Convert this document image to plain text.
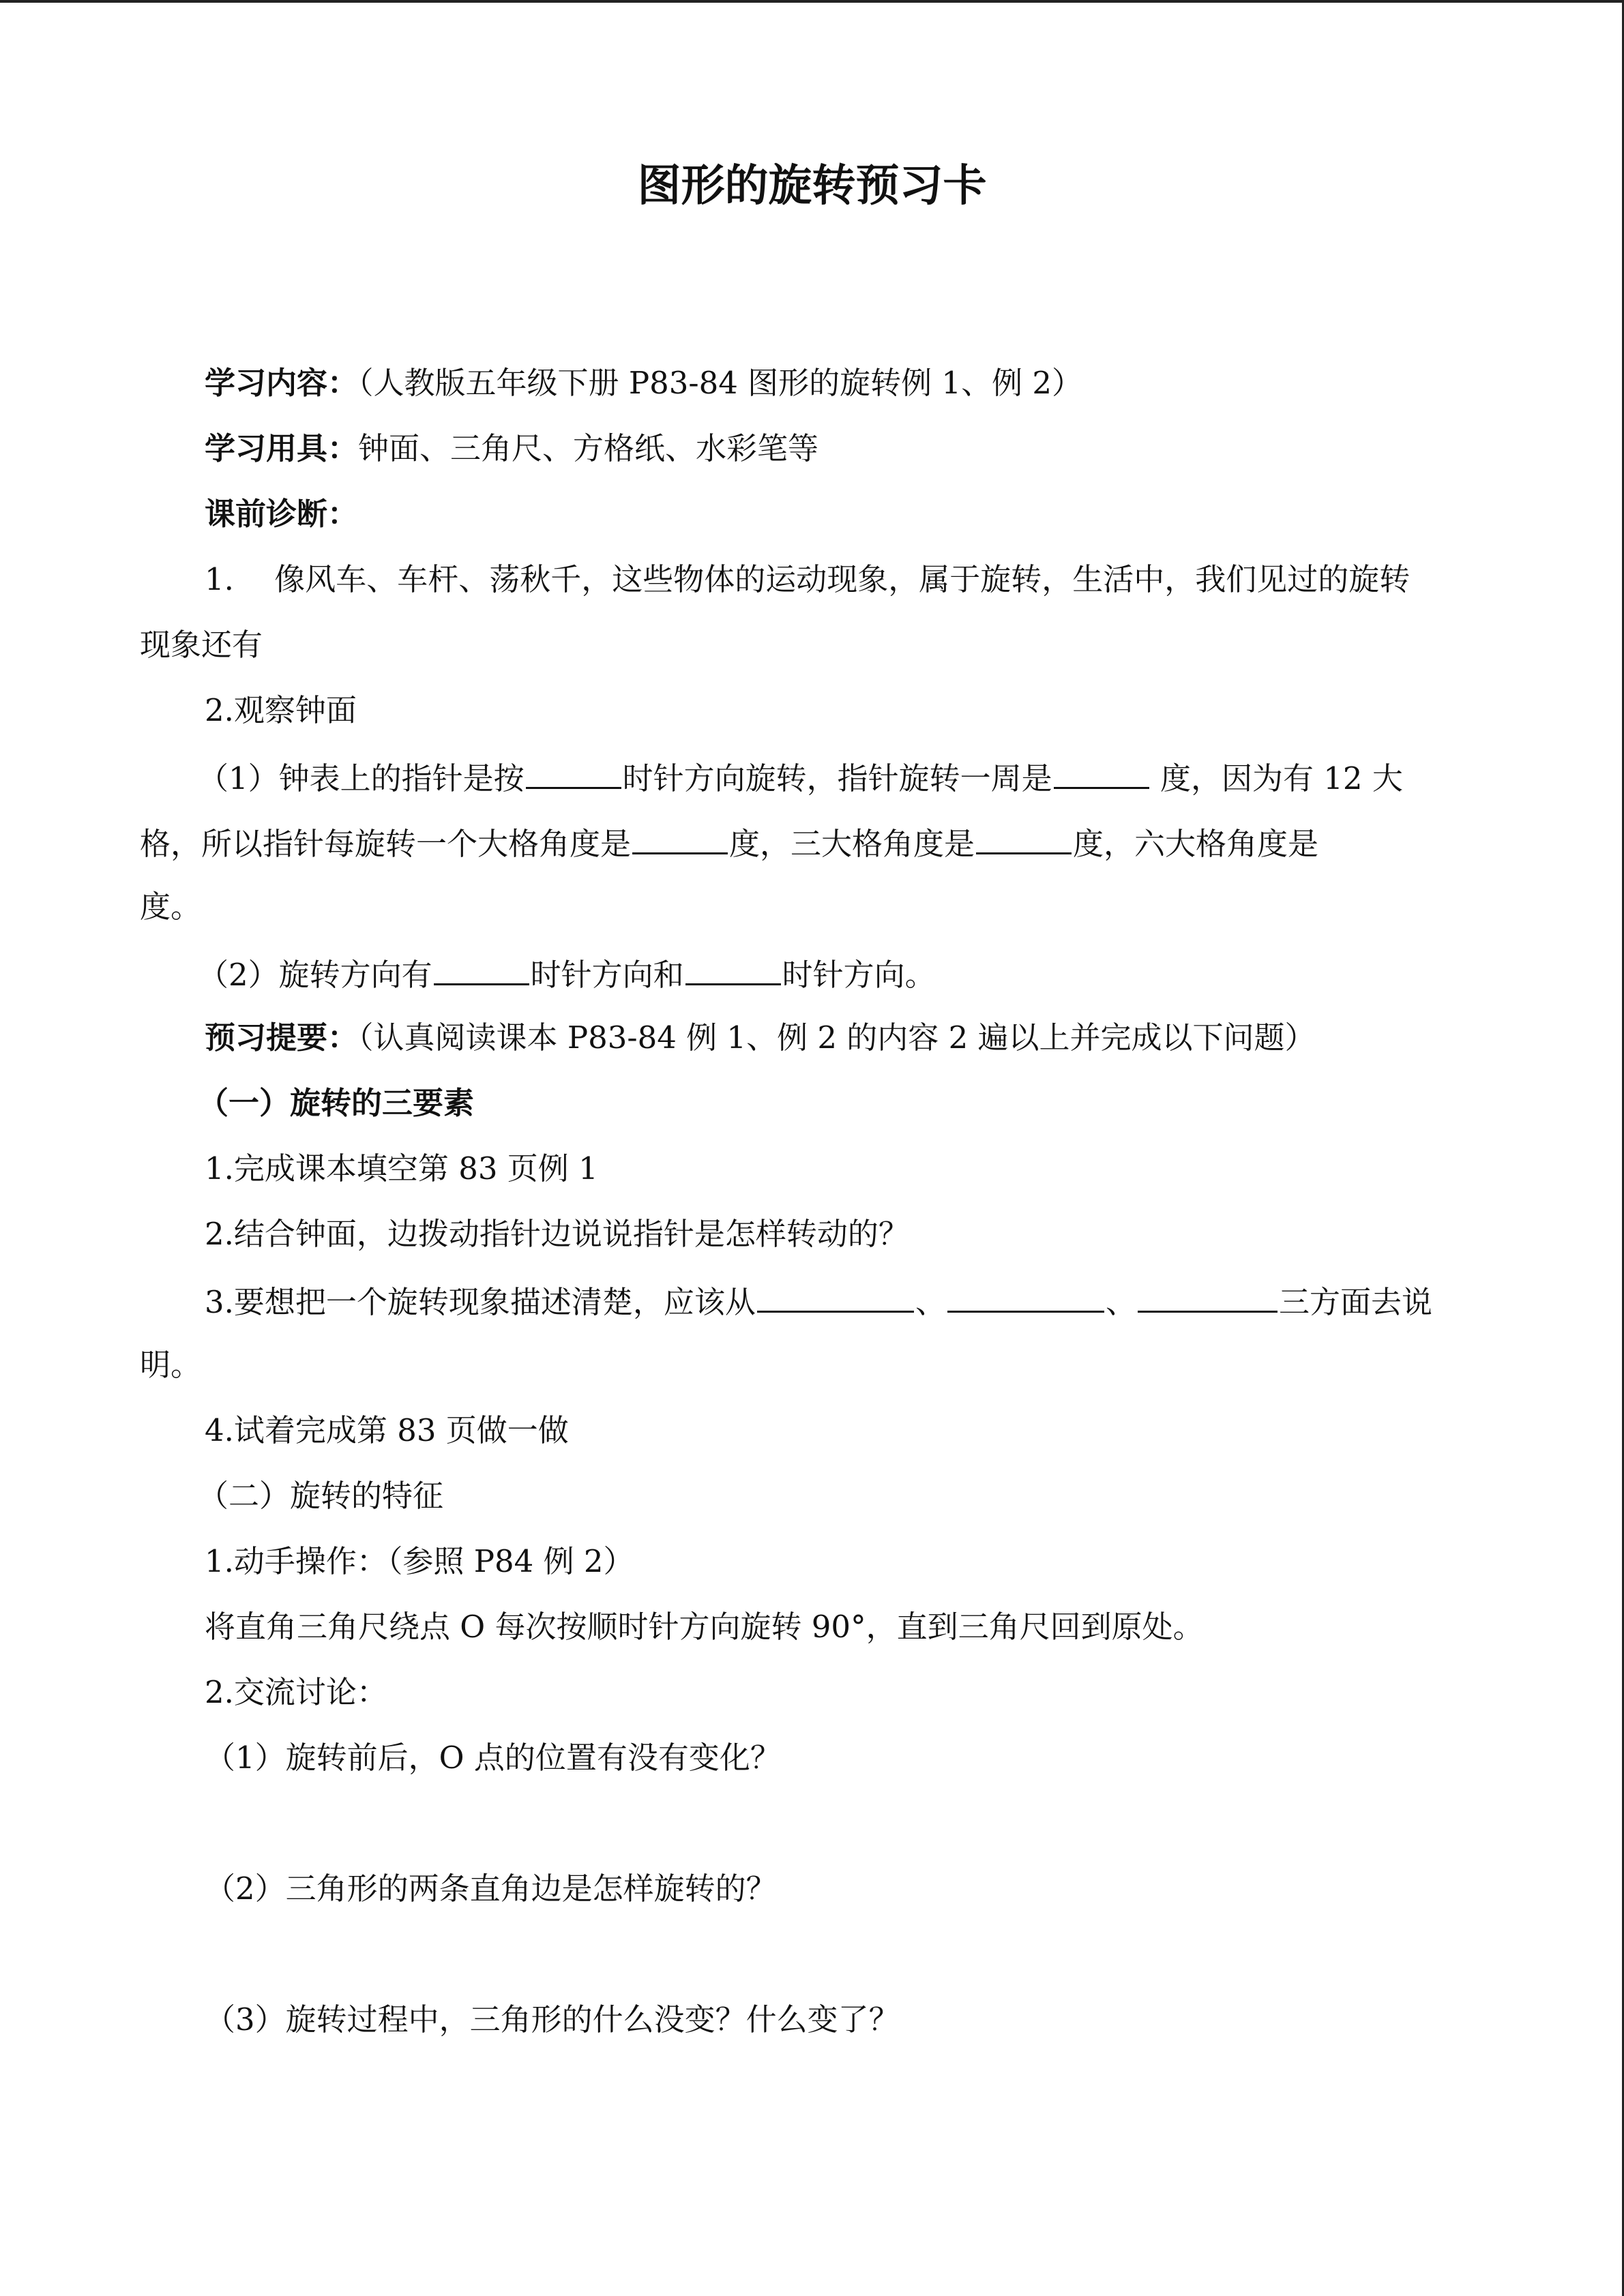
图形的旋转预习卡
学习内容：（人教版五年级下册 P83-84 图形的旋转例 1、例 2）
学习用具：钟面、三角尺、方格纸、水彩笔等
课前诊断：
1.　 像风车、车杆、荡秋千，这些物体的运动现象，属于旋转，生活中，我们见过的旋转
现象还有
2.观察钟面
（1）钟表上的指针是按	时针方向旋转，指针旋转一周是	度，因为有 12 大
格，所以指针每旋转一个大格角度是	度，三大格角度是	度，六大格角度是
度。
（2）旋转方向有	时针方向和	时针方向。
预习提要：（认真阅读课本 P83-84 例 1、例 2 的内容 2 遍以上并完成以下问题）
（一）旋转的三要素
1.完成课本填空第 83 页例 1
2.结合钟面，边拨动指针边说说指针是怎样转动的？
3.要想把一个旋转现象描述清楚，应该从	、	、	三方面去说
明。
4.试着完成第 83 页做一做
（二）旋转的特征
1.动手操作：（参照 P84 例 2）
将直角三角尺绕点 O 每次按顺时针方向旋转 90°，直到三角尺回到原处。
2.交流讨论：
（1）旋转前后，O 点的位置有没有变化？
（2）三角形的两条直角边是怎样旋转的？
（3）旋转过程中，三角形的什么没变？什么变了？
